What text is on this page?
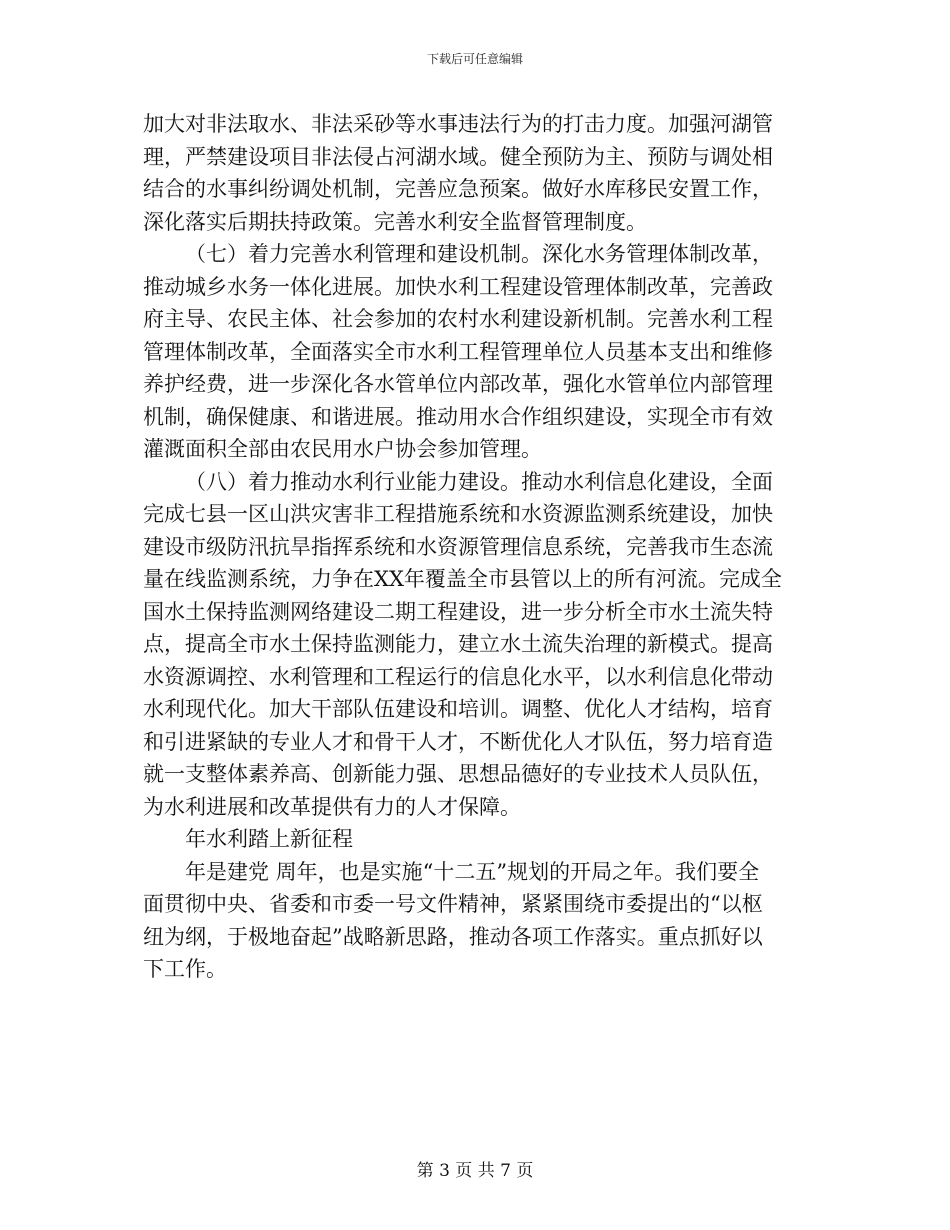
下载后可任意编辑

加大对非法取水、非法采砂等水事违法行为的打击力度。加强河湖管

理，严禁建设项目非法侵占河湖水域。健全预防为主、预防与调处相

结合的水事纠纷调处机制，完善应急预案。做好水库移民安置工作，

深化落实后期扶持政策。完善水利安全监督管理制度。

（七）着力完善水利管理和建设机制。深化水务管理体制改革，

推动城乡水务一体化进展。加快水利工程建设管理体制改革，完善政

府主导、农民主体、社会参加的农村水利建设新机制。完善水利工程

管理体制改革，全面落实全市水利工程管理单位人员基本支出和维修

养护经费，进一步深化各水管单位内部改革，强化水管单位内部管理

机制，确保健康、和谐进展。推动用水合作组织建设，实现全市有效

灌溉面积全部由农民用水户协会参加管理。

（八）着力推动水利行业能力建设。推动水利信息化建设，全面

完成七县一区山洪灾害非工程措施系统和水资源监测系统建设，加快

建设市级防汛抗旱指挥系统和水资源管理信息系统，完善我市生态流

量在线监测系统，力争在XX年覆盖全市县管以上的所有河流。完成全

国水土保持监测网络建设二期工程建设，进一步分析全市水土流失特

点，提高全市水土保持监测能力，建立水土流失治理的新模式。提高

水资源调控、水利管理和工程运行的信息化水平，以水利信息化带动

水利现代化。加大干部队伍建设和培训。调整、优化人才结构，培育

和引进紧缺的专业人才和骨干人才，不断优化人才队伍，努力培育造

就一支整体素养高、创新能力强、思想品德好的专业技术人员队伍，

为水利进展和改革提供有力的人才保障。

年水利踏上新征程

年是建党 周年，也是实施“十二五”规划的开局之年。我们要全

面贯彻中央、省委和市委一号文件精神，紧紧围绕市委提出的“以枢

纽为纲，于极地奋起”战略新思路，推动各项工作落实。重点抓好以

下工作。

第 3 页 共 7 页
